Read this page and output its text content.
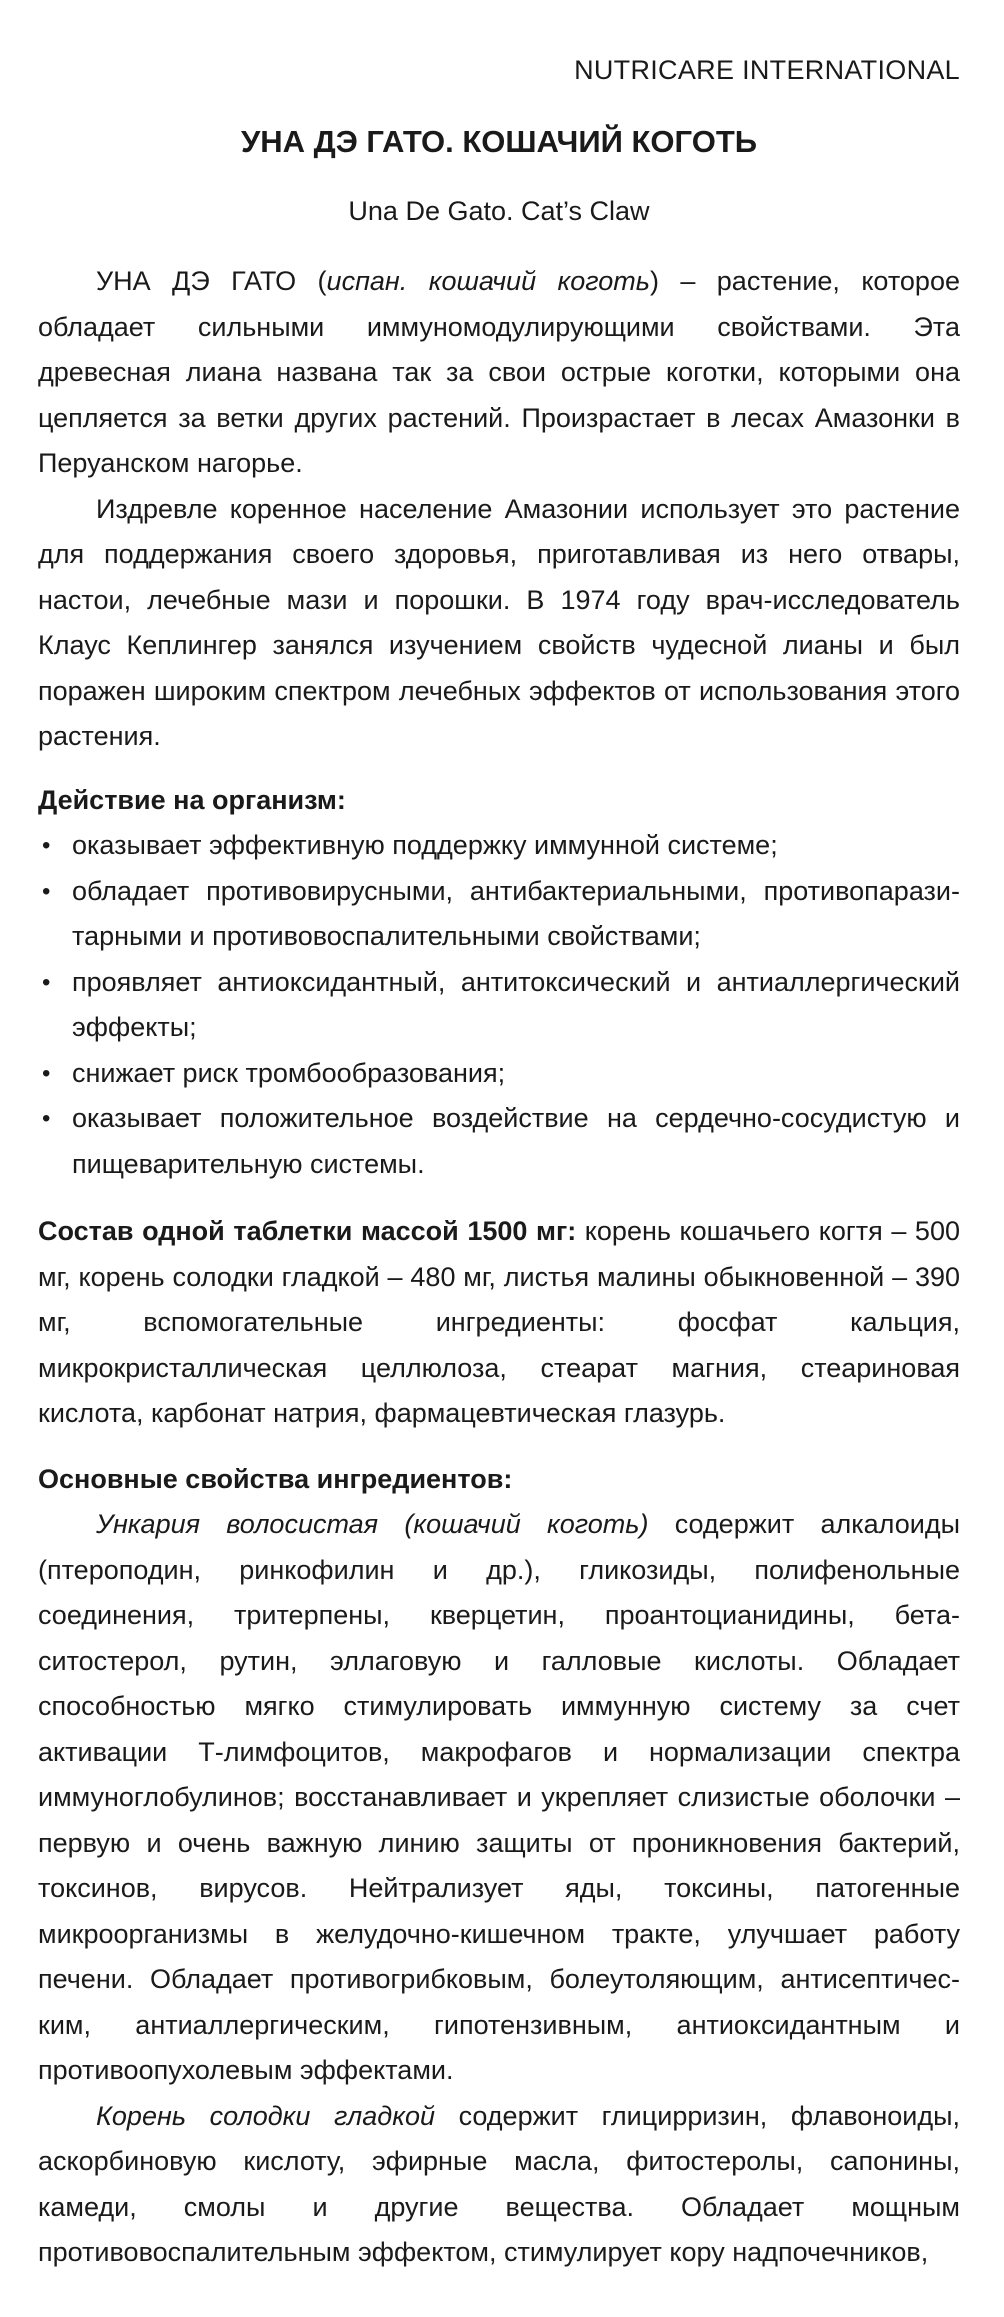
NUTRICARE INTERNATIONAL
УНА ДЭ ГАТО. КОШАЧИЙ КОГОТЬ
Una De Gato. Cat’s Claw

УНА ДЭ ГАТО (испан. кошачий коготь) – растение, которое обладает сильными иммуномодулирующими свойствами. Эта древесная лиана названа так за свои острые коготки, которыми она цепляется за ветки других растений. Произрастает в лесах Амазонки в Перуанском нагорье.

Издревле коренное население Амазонии использует это растение для поддержания своего здоровья, приготавливая из него отвары, настои, лечебные мази и порошки. В 1974 году врач-исследователь Клаус Кеплингер занялся изучением свойств чудесной лианы и был поражен широким спектром лечебных эффектов от использования этого растения.

Действие на организм:
• оказывает эффективную поддержку иммунной системе;
• обладает противовирусными, антибактериальными, противопаразитарными и противовоспалительными свойствами;
• проявляет антиоксидантный, антитоксический и антиаллергический эффекты;
• снижает риск тромбообразования;
• оказывает положительное воздействие на сердечно-сосудистую и пищеварительную системы.

Состав одной таблетки массой 1500 мг: корень кошачьего когтя – 500 мг, корень солодки гладкой – 480 мг, листья малины обыкновенной – 390 мг, вспомогательные ингредиенты: фосфат кальция, микрокристаллическая целлюлоза, стеарат магния, стеариновая кислота, карбонат натрия, фармацевтическая глазурь.

Основные свойства ингредиентов:

Ункария волосистая (кошачий коготь) содержит алкалоиды (птероподин, ринкофилин и др.), гликозиды, полифенольные соединения, тритерпены, кверцетин, проантоцианидины, бета-ситостерол, рутин, эллаговую и галловые кислоты. Обладает способностью мягко стимулировать иммунную систему за счет активации Т-лимфоцитов, макрофагов и нормализации спектра иммуноглобулинов; восстанавливает и укрепляет слизистые оболочки – первую и очень важную линию защиты от проникновения бактерий, токсинов, вирусов. Нейтрализует яды, токсины, патогенные микроорганизмы в желудочно-кишечном тракте, улучшает работу печени. Обладает противогрибковым, болеутоляющим, антисептическим, антиаллергическим, гипотензивным, антиоксидантным и противоопухолевым эффектами.

Корень солодки гладкой содержит глицирризин, флавоноиды, аскорбиновую кислоту, эфирные масла, фитостеролы, сапонины, камеди, смолы и другие вещества. Обладает мощным противовоспалительным эффектом, стимулирует кору надпочечников,
